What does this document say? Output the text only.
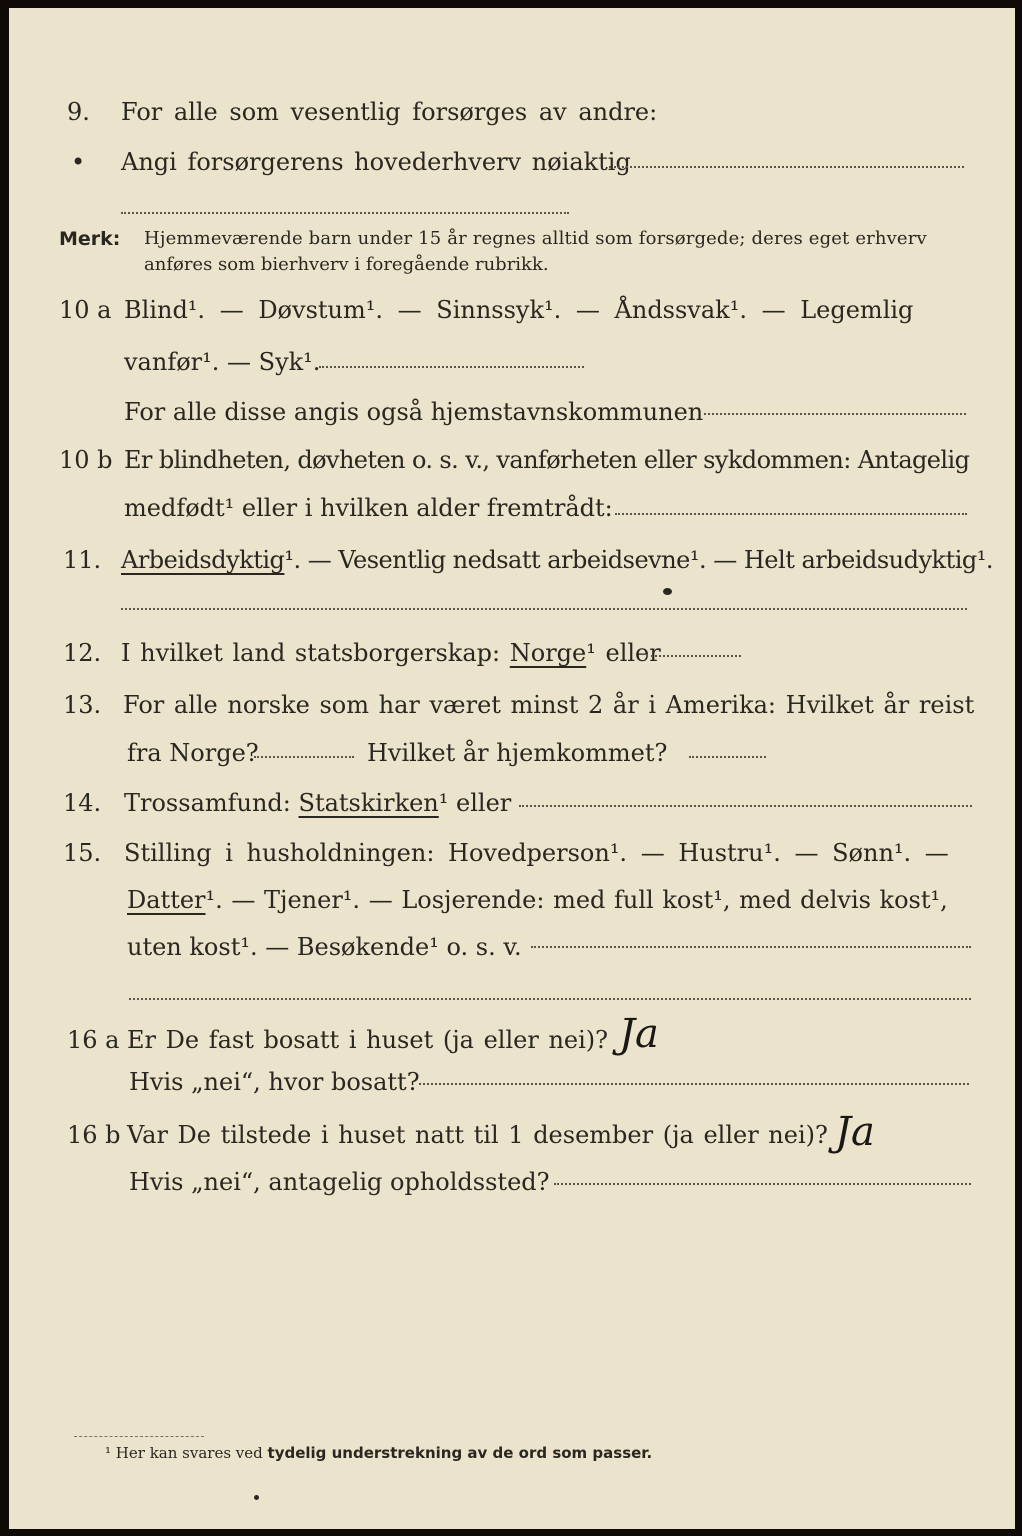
9. For alle som vesentlig forsørges av andre:
• Angi forsørgerens hovederhverv nøiaktig
Merk: Hjemmeværende barn under 15 år regnes alltid som forsørgede; deres eget erhverv
anføres som bierhverv i foregående rubrikk.
10 a Blind¹. — Døvstum¹. — Sinnssyk¹. — Åndssvak¹. — Legemlig
vanfør¹. — Syk¹.
For alle disse angis også hjemstavnskommunen
10 b Er blindheten, døvheten o. s. v., vanførheten eller sykdommen: Antagelig
medfødt¹ eller i hvilken alder fremtrådt:
11. Arbeidsdyktig¹. — Vesentlig nedsatt arbeidsevne¹. — Helt arbeidsudyktig¹.
12. I hvilket land statsborgerskap: Norge¹ eller
13. For alle norske som har været minst 2 år i Amerika: Hvilket år reist
fra Norge?	Hvilket år hjemkommet?
14. Trossamfund: Statskirken¹ eller
15. Stilling i husholdningen: Hovedperson¹. — Hustru¹. — Sønn¹. —
Datter¹. — Tjener¹. — Losjerende: med full kost¹, med delvis kost¹,
uten kost¹. — Besøkende¹ o. s. v.
16 a Er De fast bosatt i huset (ja eller nei)? Ja
Hvis „nei“, hvor bosatt?
16 b Var De tilstede i huset natt til 1 desember (ja eller nei)? Ja
Hvis „nei“, antagelig opholdssted?
¹ Her kan svares ved tydelig understrekning av de ord som passer.
